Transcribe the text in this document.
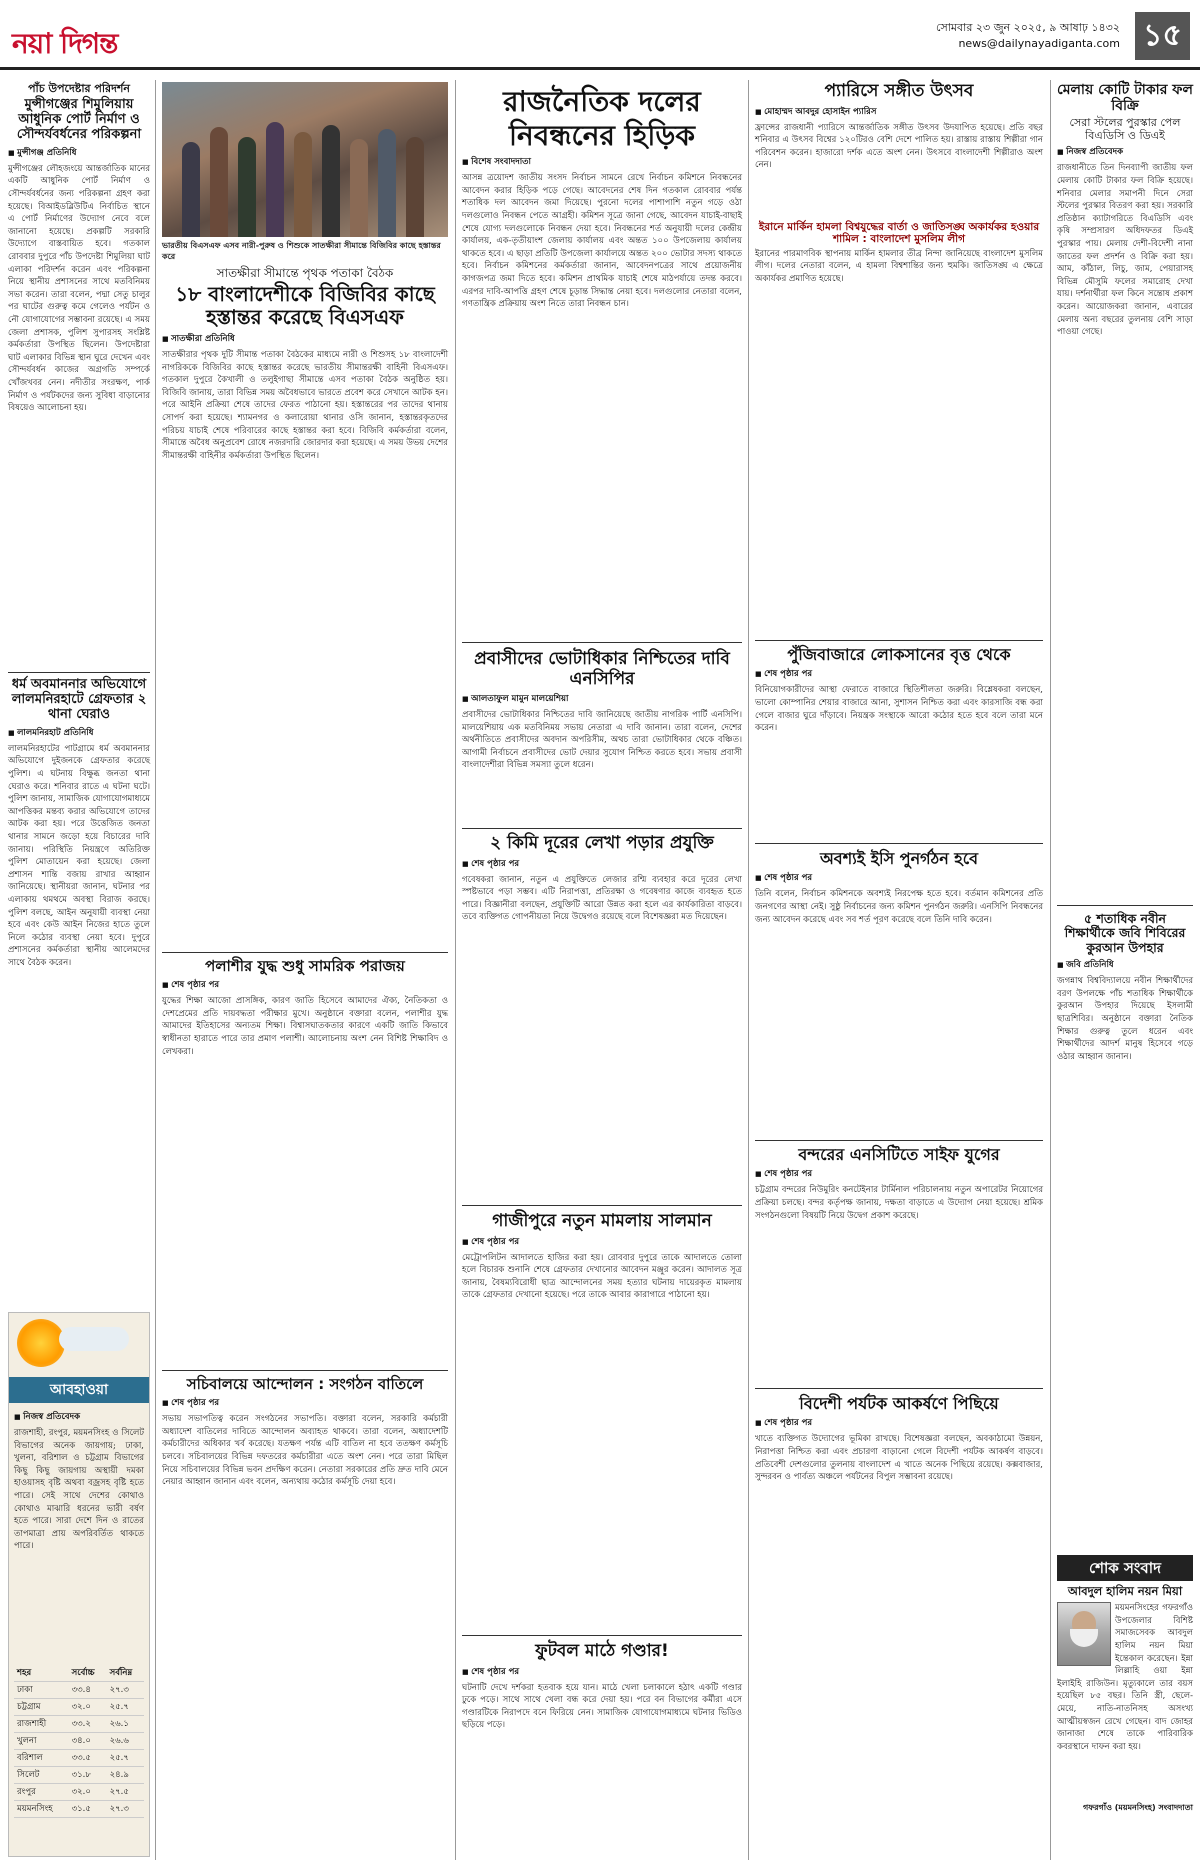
নয়া দিগন্ত	সোমবার ২৩ জুন ২০২৫, ৯ আষাঢ় ১৪৩২
news@dailynayadiganta.com ১৫
পাঁচ উপদেষ্টার পরিদর্শন
মুন্সীগঞ্জের শিমুলিয়ায় আধুনিক পোর্ট নির্মাণ ও সৌন্দর্যবর্ধনের পরিকল্পনা
■ মুন্সীগঞ্জ প্রতিনিধি
মুন্সীগঞ্জের লৌহজংয়ে আন্তর্জাতিক মানের একটি আধুনিক পোর্ট নির্মাণ ও সৌন্দর্যবর্ধনের জন্য পরিকল্পনা গ্রহণ করা হয়েছে। বিআইডব্লিউটিএ নির্বাচিত স্থানে এ পোর্ট নির্মাণের উদ্যোগ নেবে বলে জানানো হয়েছে। প্রকল্পটি সরকারি উদ্যোগে বাস্তবায়িত হবে। গতকাল রোববার দুপুরে পাঁচ উপদেষ্টা শিমুলিয়া ঘাট এলাকা পরিদর্শন করেন এবং পরিকল্পনা নিয়ে স্থানীয় প্রশাসনের সাথে মতবিনিময় সভা করেন। তারা বলেন, পদ্মা সেতু চালুর পর ঘাটের গুরুত্ব কমে গেলেও পর্যটন ও নৌ যোগাযোগের সম্ভাবনা রয়েছে। এ সময় জেলা প্রশাসক, পুলিশ সুপারসহ সংশ্লিষ্ট কর্মকর্তারা উপস্থিত ছিলেন। উপদেষ্টারা ঘাট এলাকার বিভিন্ন স্থান ঘুরে দেখেন এবং সৌন্দর্যবর্ধন কাজের অগ্রগতি সম্পর্কে খোঁজখবর নেন। নদীতীর সংরক্ষণ, পার্ক নির্মাণ ও পর্যটকদের জন্য সুবিধা বাড়ানোর বিষয়েও আলোচনা হয়।
ধর্ম অবমাননার অভিযোগে লালমনিরহাটে গ্রেফতার ২ থানা ঘেরাও
■ লালমনিরহাট প্রতিনিধি
লালমনিরহাটের পাটগ্রামে ধর্ম অবমাননার অভিযোগে দুইজনকে গ্রেফতার করেছে পুলিশ। এ ঘটনায় বিক্ষুব্ধ জনতা থানা ঘেরাও করে। শনিবার রাতে এ ঘটনা ঘটে। পুলিশ জানায়, সামাজিক যোগাযোগমাধ্যমে আপত্তিকর মন্তব্য করার অভিযোগে তাদের আটক করা হয়। পরে উত্তেজিত জনতা থানার সামনে জড়ো হয়ে বিচারের দাবি জানায়। পরিস্থিতি নিয়ন্ত্রণে অতিরিক্ত পুলিশ মোতায়েন করা হয়েছে। জেলা প্রশাসন শান্তি বজায় রাখার আহ্বান জানিয়েছে। স্থানীয়রা জানান, ঘটনার পর এলাকায় থমথমে অবস্থা বিরাজ করছে। পুলিশ বলছে, আইন অনুযায়ী ব্যবস্থা নেয়া হবে এবং কেউ আইন নিজের হাতে তুলে নিলে কঠোর ব্যবস্থা নেয়া হবে। দুপুরে প্রশাসনের কর্মকর্তারা স্থানীয় আলেমদের সাথে বৈঠক করেন।
আবহাওয়া
■ নিজস্ব প্রতিবেদক
রাজশাহী, রংপুর, ময়মনসিংহ ও সিলেট বিভাগের অনেক জায়গায়; ঢাকা, খুলনা, বরিশাল ও চট্টগ্রাম বিভাগের কিছু কিছু জায়গায় অস্থায়ী দমকা হাওয়াসহ বৃষ্টি অথবা বজ্রসহ বৃষ্টি হতে পারে। সেই সাথে দেশের কোথাও কোথাও মাঝারি ধরনের ভারী বর্ষণ হতে পারে। সারা দেশে দিন ও রাতের তাপমাত্রা প্রায় অপরিবর্তিত থাকতে পারে।
শহর	সর্বোচ্চ	সর্বনিম্ন
ঢাকা	৩৩.৪	২৭.৩
চট্টগ্রাম	৩২.০	২৫.৭
রাজশাহী	৩৩.২	২৬.১
খুলনা	৩৪.০	২৬.৬
বরিশাল	৩৩.৫	২৫.৭
সিলেট	৩১.৮	২৪.৯
রংপুর	৩২.০	২৭.৫
ময়মনসিংহ	৩১.৫	২৭.৩
ভারতীয় বিএসএফ এসব নারী-পুরুষ ও শিশুকে সাতক্ষীরা সীমান্তে বিজিবির কাছে হস্তান্তর করে
সাতক্ষীরা সীমান্তে পৃথক পতাকা বৈঠক
১৮ বাংলাদেশীকে বিজিবির কাছে হস্তান্তর করেছে বিএসএফ
■ সাতক্ষীরা প্রতিনিধি
সাতক্ষীরার পৃথক দুটি সীমান্ত পতাকা বৈঠকের মাধ্যমে নারী ও শিশুসহ ১৮ বাংলাদেশী নাগরিককে বিজিবির কাছে হস্তান্তর করেছে ভারতীয় সীমান্তরক্ষী বাহিনী বিএসএফ। গতকাল দুপুরে কৈখালী ও তলুইগাছা সীমান্তে এসব পতাকা বৈঠক অনুষ্ঠিত হয়। বিজিবি জানায়, তারা বিভিন্ন সময় অবৈধভাবে ভারতে প্রবেশ করে সেখানে আটক হন। পরে আইনি প্রক্রিয়া শেষে তাদের ফেরত পাঠানো হয়। হস্তান্তরের পর তাদের থানায় সোপর্দ করা হয়েছে। শ্যামনগর ও কলারোয়া থানার ওসি জানান, হস্তান্তরকৃতদের পরিচয় যাচাই শেষে পরিবারের কাছে হস্তান্তর করা হবে। বিজিবি কর্মকর্তারা বলেন, সীমান্তে অবৈধ অনুপ্রবেশ রোধে নজরদারি জোরদার করা হয়েছে। এ সময় উভয় দেশের সীমান্তরক্ষী বাহিনীর কর্মকর্তারা উপস্থিত ছিলেন।
পলাশীর যুদ্ধ শুধু সামরিক পরাজয়
■ শেষ পৃষ্ঠার পর
যুদ্ধের শিক্ষা আজো প্রাসঙ্গিক, কারণ জাতি হিসেবে আমাদের ঐক্য, নৈতিকতা ও দেশপ্রেমের প্রতি দায়বদ্ধতা পরীক্ষার মুখে। অনুষ্ঠানে বক্তারা বলেন, পলাশীর যুদ্ধ আমাদের ইতিহাসের অন্যতম শিক্ষা। বিশ্বাসঘাতকতার কারণে একটি জাতি কিভাবে স্বাধীনতা হারাতে পারে তার প্রমাণ পলাশী। আলোচনায় অংশ নেন বিশিষ্ট শিক্ষাবিদ ও লেখকরা।
সচিবালয়ে আন্দোলন : সংগঠন বাতিলে
■ শেষ পৃষ্ঠার পর
সভায় সভাপতিত্ব করেন সংগঠনের সভাপতি। বক্তারা বলেন, সরকারি কর্মচারী অধ্যাদেশ বাতিলের দাবিতে আন্দোলন অব্যাহত থাকবে। তারা বলেন, অধ্যাদেশটি কর্মচারীদের অধিকার খর্ব করেছে। যতক্ষণ পর্যন্ত এটি বাতিল না হবে ততক্ষণ কর্মসূচি চলবে। সচিবালয়ের বিভিন্ন দফতরের কর্মচারীরা এতে অংশ নেন। পরে তারা মিছিল নিয়ে সচিবালয়ের বিভিন্ন ভবন প্রদক্ষিণ করেন। নেতারা সরকারের প্রতি দ্রুত দাবি মেনে নেয়ার আহ্বান জানান এবং বলেন, অন্যথায় কঠোর কর্মসূচি দেয়া হবে।
রাজনৈতিক দলের নিবন্ধনের হিড়িক
■ বিশেষ সংবাদদাতা
আসন্ন ত্রয়োদশ জাতীয় সংসদ নির্বাচন সামনে রেখে নির্বাচন কমিশনে নিবন্ধনের আবেদন করার হিড়িক পড়ে গেছে। আবেদনের শেষ দিন গতকাল রোববার পর্যন্ত শতাধিক দল আবেদন জমা দিয়েছে। পুরনো দলের পাশাপাশি নতুন গড়ে ওঠা দলগুলোও নিবন্ধন পেতে আগ্রহী। কমিশন সূত্রে জানা গেছে, আবেদন যাচাই-বাছাই শেষে যোগ্য দলগুলোকে নিবন্ধন দেয়া হবে। নিবন্ধনের শর্ত অনুযায়ী দলের কেন্দ্রীয় কার্যালয়, এক-তৃতীয়াংশ জেলায় কার্যালয় এবং অন্তত ১০০ উপজেলায় কার্যালয় থাকতে হবে। এ ছাড়া প্রতিটি উপজেলা কার্যালয়ে অন্তত ২০০ ভোটার সদস্য থাকতে হবে। নির্বাচন কমিশনের কর্মকর্তারা জানান, আবেদনপত্রের সাথে প্রয়োজনীয় কাগজপত্র জমা দিতে হবে। কমিশন প্রাথমিক যাচাই শেষে মাঠপর্যায়ে তদন্ত করবে। এরপর দাবি-আপত্তি গ্রহণ শেষে চূড়ান্ত সিদ্ধান্ত নেয়া হবে। দলগুলোর নেতারা বলেন, গণতান্ত্রিক প্রক্রিয়ায় অংশ নিতে তারা নিবন্ধন চান।
প্রবাসীদের ভোটাধিকার নিশ্চিতের দাবি এনসিপির
■ আলতাফুল মামুন মালয়েশিয়া
প্রবাসীদের ভোটাধিকার নিশ্চিতের দাবি জানিয়েছে জাতীয় নাগরিক পার্টি এনসিপি। মালয়েশিয়ায় এক মতবিনিময় সভায় নেতারা এ দাবি জানান। তারা বলেন, দেশের অর্থনীতিতে প্রবাসীদের অবদান অপরিসীম, অথচ তারা ভোটাধিকার থেকে বঞ্চিত। আগামী নির্বাচনে প্রবাসীদের ভোট দেয়ার সুযোগ নিশ্চিত করতে হবে। সভায় প্রবাসী বাংলাদেশীরা বিভিন্ন সমস্যা তুলে ধরেন।
২ কিমি দূরের লেখা পড়ার প্রযুক্তি
■ শেষ পৃষ্ঠার পর
গবেষকরা জানান, নতুন এ প্রযুক্তিতে লেজার রশ্মি ব্যবহার করে দূরের লেখা স্পষ্টভাবে পড়া সম্ভব। এটি নিরাপত্তা, প্রতিরক্ষা ও গবেষণার কাজে ব্যবহৃত হতে পারে। বিজ্ঞানীরা বলছেন, প্রযুক্তিটি আরো উন্নত করা হলে এর কার্যকারিতা বাড়বে। তবে ব্যক্তিগত গোপনীয়তা নিয়ে উদ্বেগও রয়েছে বলে বিশেষজ্ঞরা মত দিয়েছেন।
গাজীপুরে নতুন মামলায় সালমান
■ শেষ পৃষ্ঠার পর
মেট্রোপলিটন আদালতে হাজির করা হয়। রোববার দুপুরে তাকে আদালতে তোলা হলে বিচারক শুনানি শেষে গ্রেফতার দেখানোর আবেদন মঞ্জুর করেন। আদালত সূত্র জানায়, বৈষম্যবিরোধী ছাত্র আন্দোলনের সময় হত্যার ঘটনায় দায়েরকৃত মামলায় তাকে গ্রেফতার দেখানো হয়েছে। পরে তাকে আবার কারাগারে পাঠানো হয়।
ফুটবল মাঠে গণ্ডার!
■ শেষ পৃষ্ঠার পর
ঘটনাটি দেখে দর্শকরা হতবাক হয়ে যান। মাঠে খেলা চলাকালে হঠাৎ একটি গণ্ডার ঢুকে পড়ে। সাথে সাথে খেলা বন্ধ করে দেয়া হয়। পরে বন বিভাগের কর্মীরা এসে গণ্ডারটিকে নিরাপদে বনে ফিরিয়ে নেন। সামাজিক যোগাযোগমাধ্যমে ঘটনার ভিডিও ছড়িয়ে পড়ে।
প্যারিসে সঙ্গীত উৎসব
■ মোহাম্মদ আবদুর হোসাইন প্যারিস
ফ্রান্সের রাজধানী প্যারিসে আন্তর্জাতিক সঙ্গীত উৎসব উদযাপিত হয়েছে। প্রতি বছর শনিবার এ উৎসব বিশ্বের ১২০টিরও বেশি দেশে পালিত হয়। রাস্তায় রাস্তায় শিল্পীরা গান পরিবেশন করেন। হাজারো দর্শক এতে অংশ নেন। উৎসবে বাংলাদেশী শিল্পীরাও অংশ নেন।
ইরানে মার্কিন হামলা বিশ্বযুদ্ধের বার্তা ও জাতিসঙ্ঘ অকার্যকর হওয়ার শামিল : বাংলাদেশ মুসলিম লীগ
ইরানের পারমাণবিক স্থাপনায় মার্কিন হামলার তীব্র নিন্দা জানিয়েছে বাংলাদেশ মুসলিম লীগ। দলের নেতারা বলেন, এ হামলা বিশ্বশান্তির জন্য হুমকি। জাতিসঙ্ঘ এ ক্ষেত্রে অকার্যকর প্রমাণিত হয়েছে।
পুঁজিবাজারে লোকসানের বৃত্ত থেকে
■ শেষ পৃষ্ঠার পর
বিনিয়োগকারীদের আস্থা ফেরাতে বাজারে স্থিতিশীলতা জরুরি। বিশ্লেষকরা বলছেন, ভালো কোম্পানির শেয়ার বাজারে আনা, সুশাসন নিশ্চিত করা এবং কারসাজি বন্ধ করা গেলে বাজার ঘুরে দাঁড়াবে। নিয়ন্ত্রক সংস্থাকে আরো কঠোর হতে হবে বলে তারা মনে করেন।
অবশ্যই ইসি পুনর্গঠন হবে
■ শেষ পৃষ্ঠার পর
তিনি বলেন, নির্বাচন কমিশনকে অবশ্যই নিরপেক্ষ হতে হবে। বর্তমান কমিশনের প্রতি জনগণের আস্থা নেই। সুষ্ঠু নির্বাচনের জন্য কমিশন পুনর্গঠন জরুরি। এনসিপি নিবন্ধনের জন্য আবেদন করেছে এবং সব শর্ত পূরণ করেছে বলে তিনি দাবি করেন।
বন্দরের এনসিটিতে সাইফ যুগের
■ শেষ পৃষ্ঠার পর
চট্টগ্রাম বন্দরের নিউমুরিং কনটেইনার টার্মিনাল পরিচালনায় নতুন অপারেটর নিয়োগের প্রক্রিয়া চলছে। বন্দর কর্তৃপক্ষ জানায়, দক্ষতা বাড়াতে এ উদ্যোগ নেয়া হয়েছে। শ্রমিক সংগঠনগুলো বিষয়টি নিয়ে উদ্বেগ প্রকাশ করেছে।
বিদেশী পর্যটক আকর্ষণে পিছিয়ে
■ শেষ পৃষ্ঠার পর
খাতে ব্যক্তিগত উদ্যোগের ভূমিকা রাখছে। বিশেষজ্ঞরা বলছেন, অবকাঠামো উন্নয়ন, নিরাপত্তা নিশ্চিত করা এবং প্রচারণা বাড়ানো গেলে বিদেশী পর্যটক আকর্ষণ বাড়বে। প্রতিবেশী দেশগুলোর তুলনায় বাংলাদেশ এ খাতে অনেক পিছিয়ে রয়েছে। কক্সবাজার, সুন্দরবন ও পার্বত্য অঞ্চলে পর্যটনের বিপুল সম্ভাবনা রয়েছে।
মেলায় কোটি টাকার ফল বিক্রি
সেরা স্টলের পুরস্কার পেল বিএডিসি ও ডিএই
■ নিজস্ব প্রতিবেদক
রাজধানীতে তিন দিনব্যাপী জাতীয় ফল মেলায় কোটি টাকার ফল বিক্রি হয়েছে। শনিবার মেলার সমাপনী দিনে সেরা স্টলের পুরস্কার বিতরণ করা হয়। সরকারি প্রতিষ্ঠান ক্যাটাগরিতে বিএডিসি এবং কৃষি সম্প্রসারণ অধিদফতর ডিএই পুরস্কার পায়। মেলায় দেশী-বিদেশী নানা জাতের ফল প্রদর্শন ও বিক্রি করা হয়। আম, কাঁঠাল, লিচু, জাম, পেয়ারাসহ বিভিন্ন মৌসুমি ফলের সমারোহ দেখা যায়। দর্শনার্থীরা ফল কিনে সন্তোষ প্রকাশ করেন। আয়োজকরা জানান, এবারের মেলায় অন্য বছরের তুলনায় বেশি সাড়া পাওয়া গেছে।
৫ শতাধিক নবীন শিক্ষার্থীকে জবি শিবিরের কুরআন উপহার
■ জবি প্রতিনিধি
জগন্নাথ বিশ্ববিদ্যালয়ে নবীন শিক্ষার্থীদের বরণ উপলক্ষে পাঁচ শতাধিক শিক্ষার্থীকে কুরআন উপহার দিয়েছে ইসলামী ছাত্রশিবির। অনুষ্ঠানে বক্তারা নৈতিক শিক্ষার গুরুত্ব তুলে ধরেন এবং শিক্ষার্থীদের আদর্শ মানুষ হিসেবে গড়ে ওঠার আহ্বান জানান।
শোক সংবাদ
আবদুল হালিম নয়ন মিয়া
ময়মনসিংহের গফরগাঁও উপজেলার বিশিষ্ট সমাজসেবক আবদুল হালিম নয়ন মিয়া ইন্তেকাল করেছেন। ইন্না লিল্লাহি ওয়া ইন্না ইলাইহি রাজিউন। মৃত্যুকালে তার বয়স হয়েছিল ৮৫ বছর। তিনি স্ত্রী, ছেলে-মেয়ে, নাতি-নাতনিসহ অসংখ্য আত্মীয়স্বজন রেখে গেছেন। বাদ জোহর জানাজা শেষে তাকে পারিবারিক কবরস্থানে দাফন করা হয়।
গফরগাঁও (ময়মনসিংহ) সংবাদদাতা
